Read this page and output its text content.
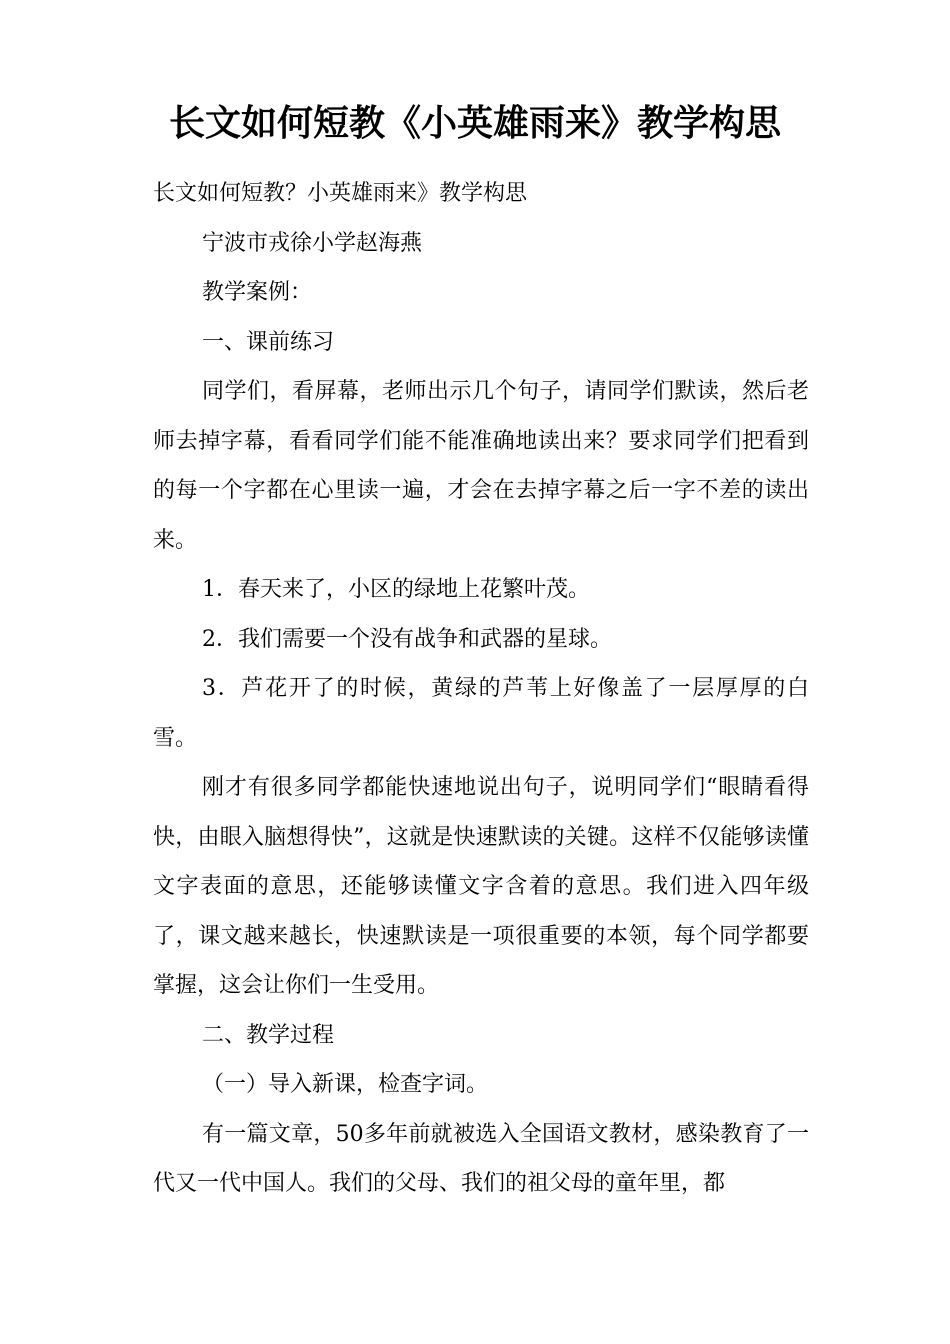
长文如何短教《小英雄雨来》教学构思

长文如何短教？小英雄雨来》教学构思

宁波市戎徐小学赵海燕

教学案例：

一、课前练习

同学们，看屏幕，老师出示几个句子，请同学们默读，然后老师去掉字幕，看看同学们能不能准确地读出来？要求同学们把看到的每一个字都在心里读一遍，才会在去掉字幕之后一字不差的读出来。

1．春天来了，小区的绿地上花繁叶茂。

2．我们需要一个没有战争和武器的星球。

3．芦花开了的时候，黄绿的芦苇上好像盖了一层厚厚的白雪。

刚才有很多同学都能快速地说出句子，说明同学们“眼睛看得快，由眼入脑想得快”，这就是快速默读的关键。这样不仅能够读懂文字表面的意思，还能够读懂文字含着的意思。我们进入四年级了，课文越来越长，快速默读是一项很重要的本领，每个同学都要掌握，这会让你们一生受用。

二、教学过程

（一）导入新课，检查字词。

有一篇文章，50多年前就被选入全国语文教材，感染教育了一代又一代中国人。我们的父母、我们的祖父母的童年里，都
